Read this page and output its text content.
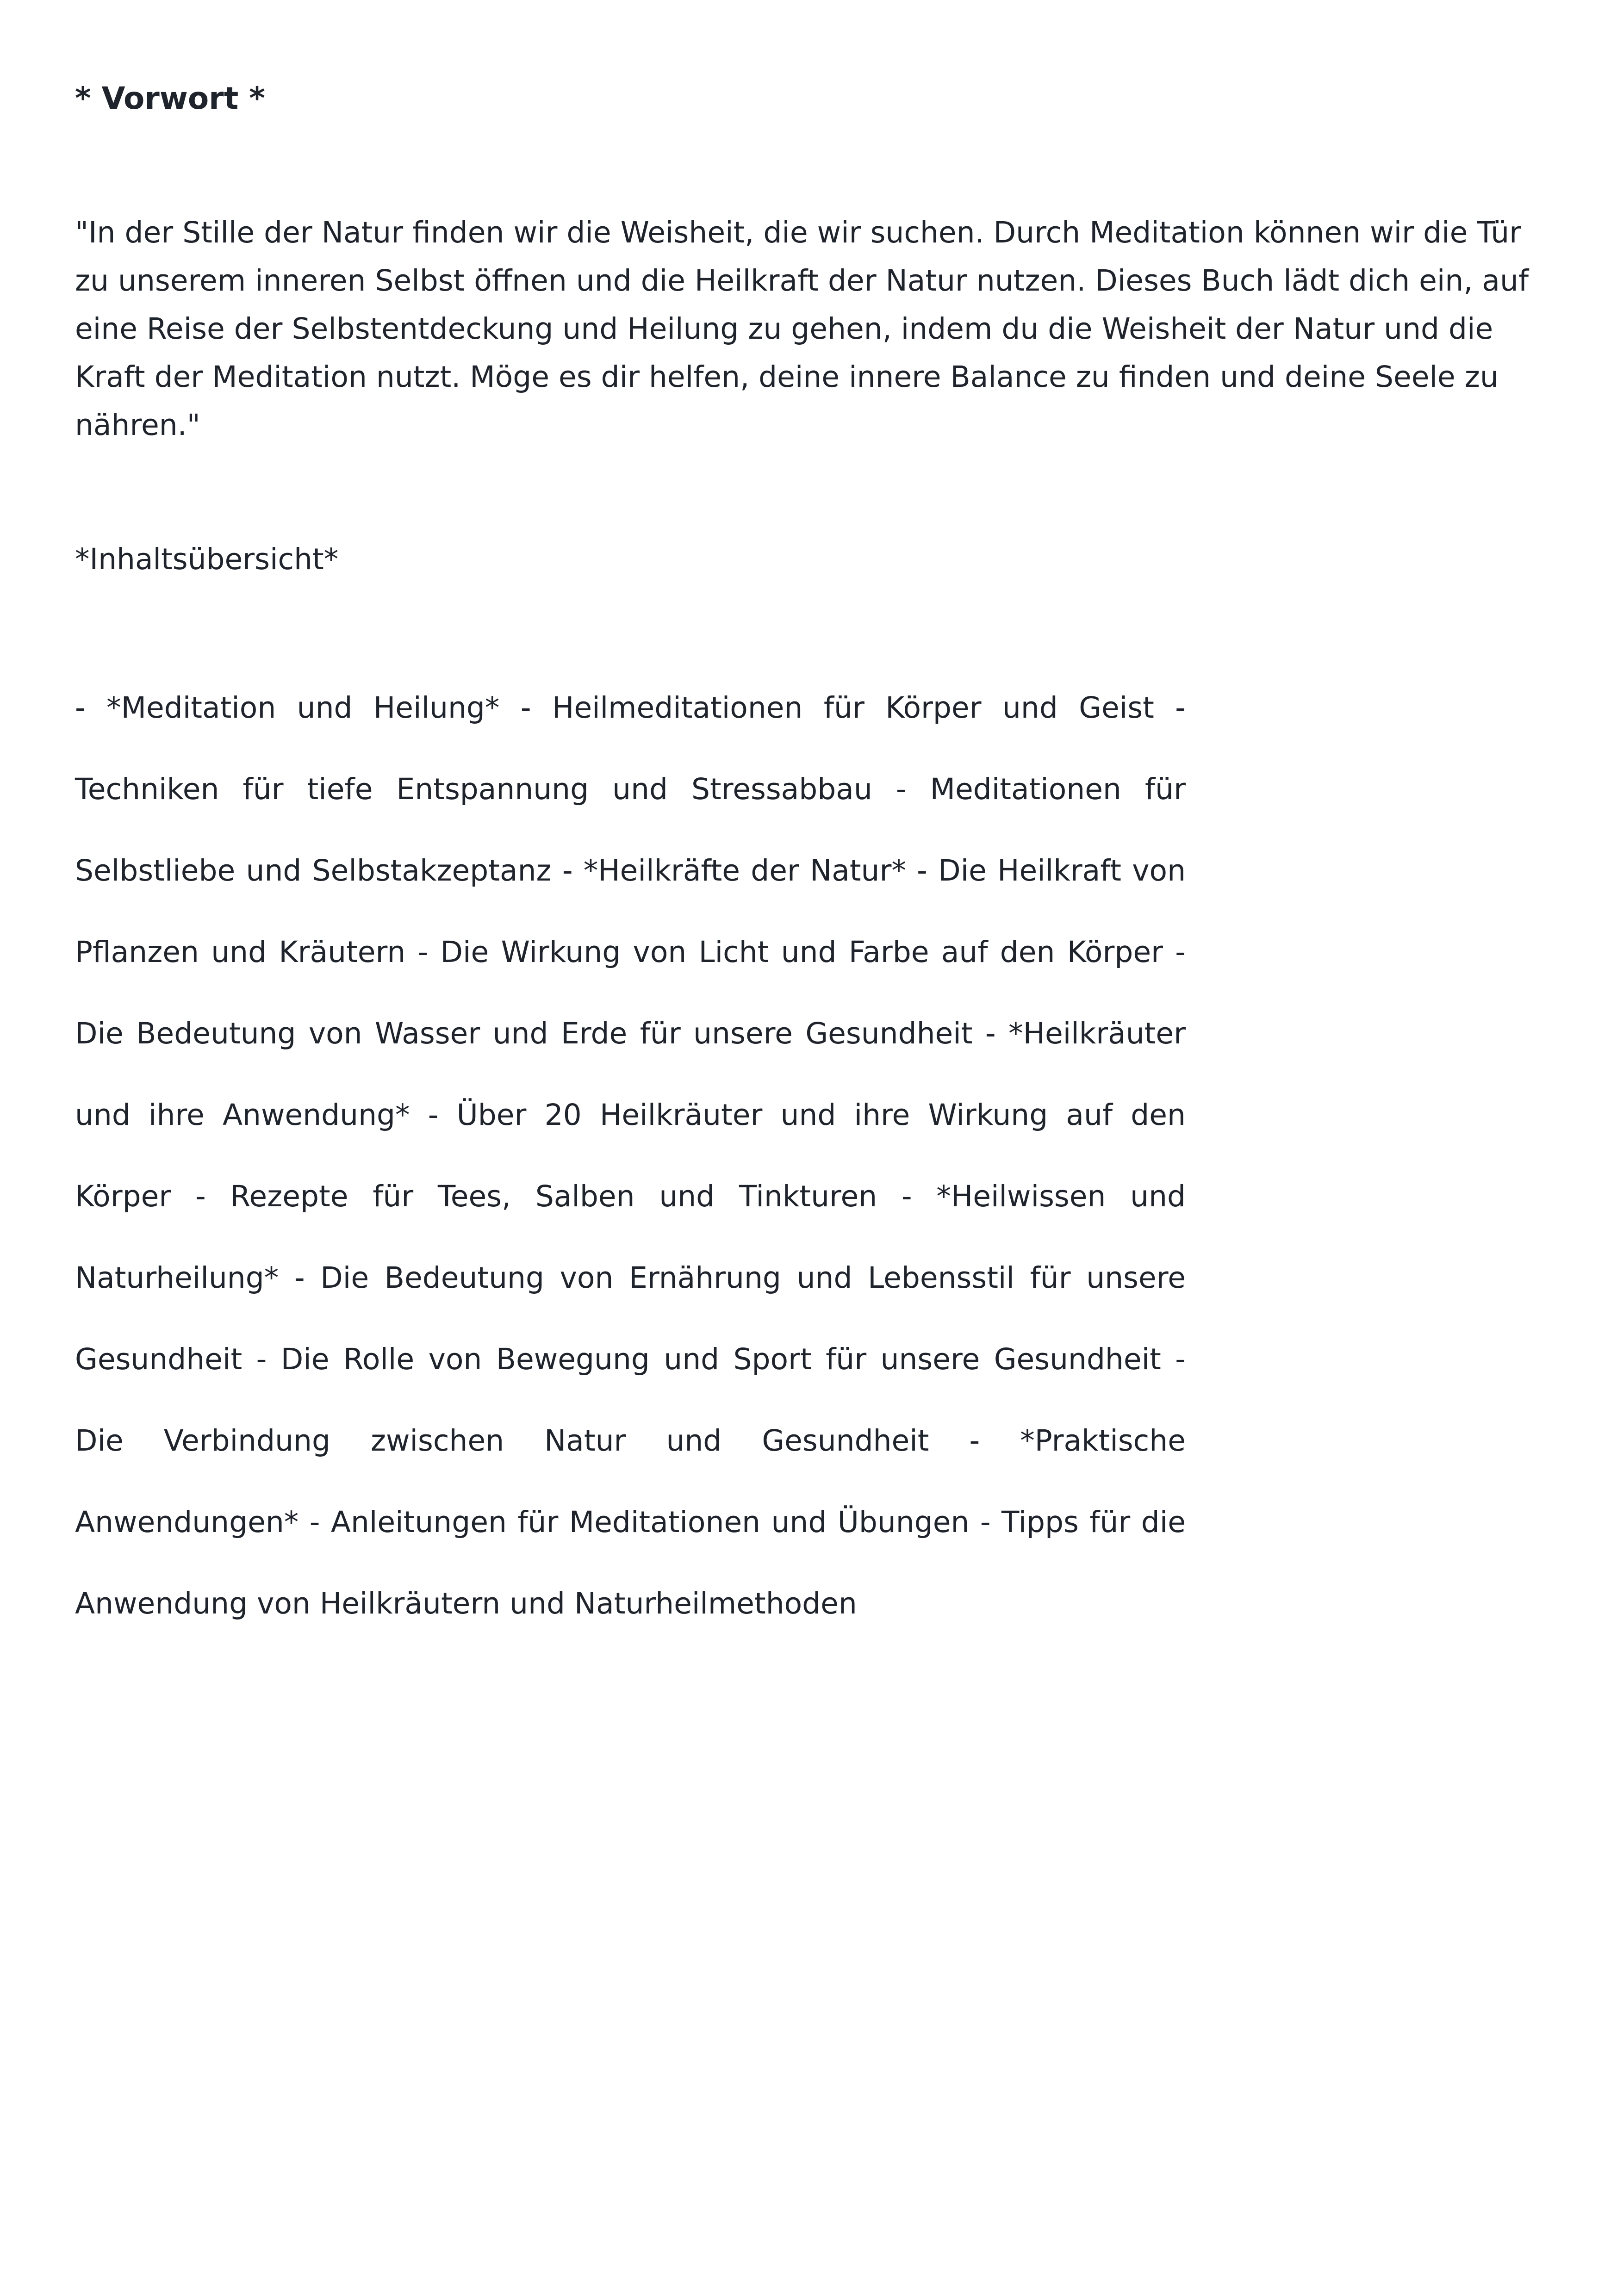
* Vorwort *

"In der Stille der Natur finden wir die Weisheit, die wir suchen. Durch Meditation können wir die Tür zu unserem inneren Selbst öffnen und die Heilkraft der Natur nutzen. Dieses Buch lädt dich ein, auf eine Reise der Selbstentdeckung und Heilung zu gehen, indem du die Weisheit der Natur und die Kraft der Meditation nutzt. Möge es dir helfen, deine innere Balance zu finden und deine Seele zu nähren."

*Inhaltsübersicht*

- *Meditation und Heilung* - Heilmeditationen für Körper und Geist - Techniken für tiefe Entspannung und Stressabbau - Meditationen für Selbstliebe und Selbstakzeptanz - *Heilkräfte der Natur* - Die Heilkraft von Pflanzen und Kräutern - Die Wirkung von Licht und Farbe auf den Körper - Die Bedeutung von Wasser und Erde für unsere Gesundheit - *Heilkräuter und ihre Anwendung* - Über 20 Heilkräuter und ihre Wirkung auf den Körper - Rezepte für Tees, Salben und Tinkturen - *Heilwissen und Naturheilung* - Die Bedeutung von Ernährung und Lebensstil für unsere Gesundheit - Die Rolle von Bewegung und Sport für unsere Gesundheit - Die Verbindung zwischen Natur und Gesundheit - *Praktische Anwendungen* - Anleitungen für Meditationen und Übungen - Tipps für die Anwendung von Heilkräutern und Naturheilmethoden
